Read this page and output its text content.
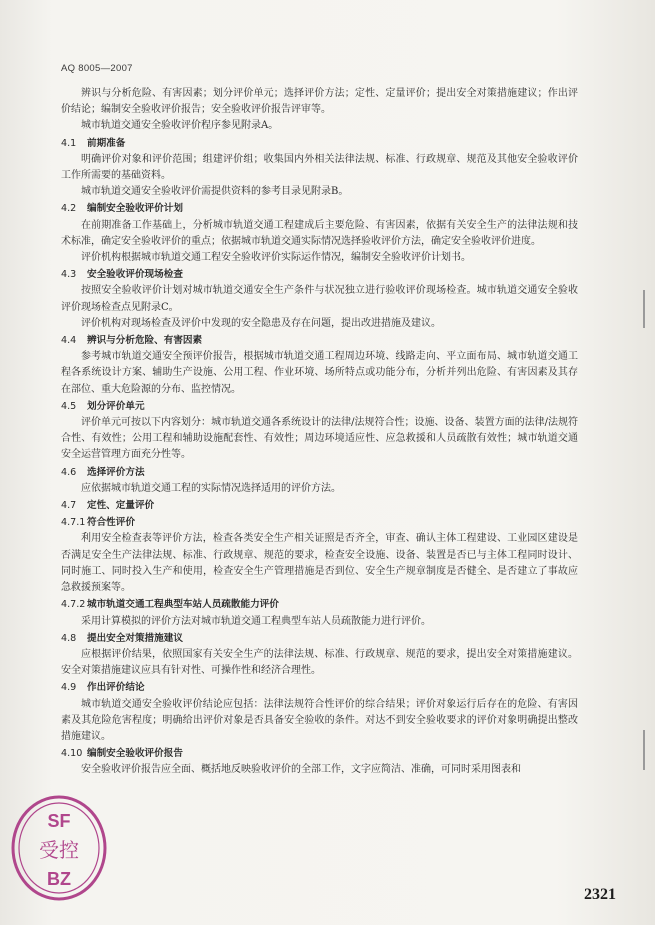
AQ 8005—2007

辨识与分析危险、有害因素；划分评价单元；选择评价方法；定性、定量评价；提出安全对策措施建议；作出评价结论；编制安全验收评价报告；安全验收评价报告评审等。

城市轨道交通安全验收评价程序参见附录A。

4.1 前期准备

明确评价对象和评价范围；组建评价组；收集国内外相关法律法规、标准、行政规章、规范及其他安全验收评价工作所需要的基础资料。

城市轨道交通安全验收评价需提供资料的参考目录见附录B。

4.2 编制安全验收评价计划

在前期准备工作基础上，分析城市轨道交通工程建成后主要危险、有害因素，依据有关安全生产的法律法规和技术标准，确定安全验收评价的重点；依据城市轨道交通实际情况选择验收评价方法，确定安全验收评价进度。

评价机构根据城市轨道交通工程安全验收评价实际运作情况，编制安全验收评价计划书。

4.3 安全验收评价现场检查

按照安全验收评价计划对城市轨道交通安全生产条件与状况独立进行验收评价现场检查。城市轨道交通安全验收评价现场检查点见附录C。

评价机构对现场检查及评价中发现的安全隐患及存在问题，提出改进措施及建议。

4.4 辨识与分析危险、有害因素

参考城市轨道交通安全预评价报告，根据城市轨道交通工程周边环境、线路走向、平立面布局、城市轨道交通工程各系统设计方案、辅助生产设施、公用工程、作业环境、场所特点或功能分布，分析并列出危险、有害因素及其存在部位、重大危险源的分布、监控情况。

4.5 划分评价单元

评价单元可按以下内容划分：城市轨道交通各系统设计的法律/法规符合性；设施、设备、装置方面的法律/法规符合性、有效性；公用工程和辅助设施配套性、有效性；周边环境适应性、应急救援和人员疏散有效性；城市轨道交通安全运营管理方面充分性等。

4.6 选择评价方法

应依据城市轨道交通工程的实际情况选择适用的评价方法。

4.7 定性、定量评价
4.7.1 符合性评价

利用安全检查表等评价方法，检查各类安全生产相关证照是否齐全，审查、确认主体工程建设、工业园区建设是否满足安全生产法律法规、标准、行政规章、规范的要求，检查安全设施、设备、装置是否已与主体工程同时设计、同时施工、同时投入生产和使用，检查安全生产管理措施是否到位、安全生产规章制度是否健全、是否建立了事故应急救援预案等。

4.7.2 城市轨道交通工程典型车站人员疏散能力评价

采用计算模拟的评价方法对城市轨道交通工程典型车站人员疏散能力进行评价。

4.8 提出安全对策措施建议

应根据评价结果，依照国家有关安全生产的法律法规、标准、行政规章、规范的要求，提出安全对策措施建议。安全对策措施建议应具有针对性、可操作性和经济合理性。

4.9 作出评价结论

城市轨道交通安全验收评价结论应包括：法律法规符合性评价的综合结果；评价对象运行后存在的危险、有害因素及其危险危害程度；明确给出评价对象是否具备安全验收的条件。对达不到安全验收要求的评价对象明确提出整改措施建议。

4.10 编制安全验收评价报告

安全验收评价报告应全面、概括地反映验收评价的全部工作，文字应简洁、准确，可同时采用图表和

SF
受控
BZ
2321
